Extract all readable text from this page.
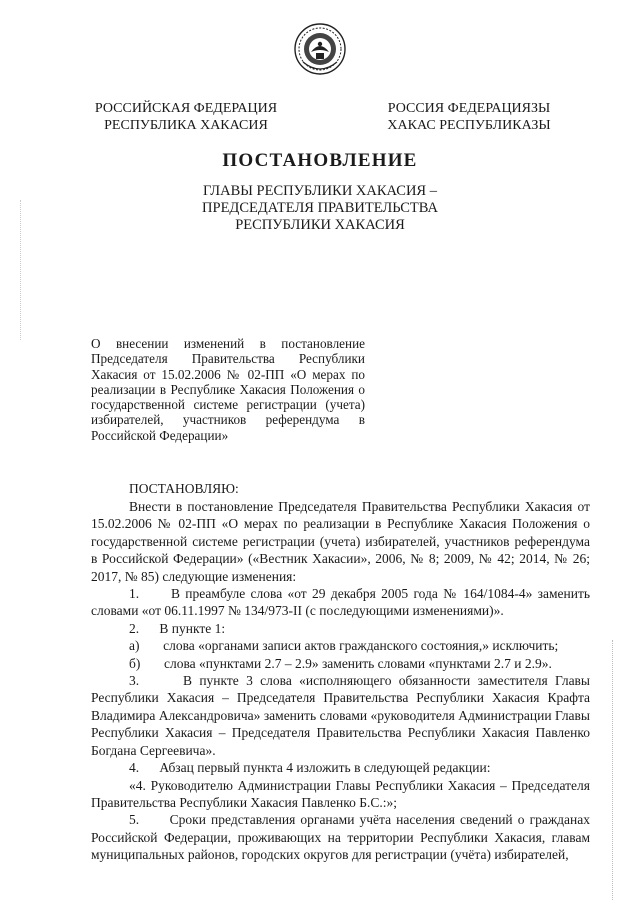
РОССИЙСКАЯ ФЕДЕРАЦИЯ
РЕСПУБЛИКА ХАКАСИЯ
РОССИЯ ФЕДЕРАЦИЯЗЫ
ХАКАС РЕСПУБЛИКАЗЫ
ПОСТАНОВЛЕНИЕ
ГЛАВЫ РЕСПУБЛИКИ ХАКАСИЯ –
ПРЕДСЕДАТЕЛЯ ПРАВИТЕЛЬСТВА
РЕСПУБЛИКИ ХАКАСИЯ
О внесении изменений в постановление Председателя Правительства Республики Хакасия от 15.02.2006 № 02-ПП «О мерах по реализации в Республике Хакасия Положения о государственной системе регистрации (учета) избирателей, участников референдума в Российской Федерации»
ПОСТАНОВЛЯЮ:

Внести в постановление Председателя Правительства Республики Хакасия от 15.02.2006 № 02-ПП «О мерах по реализации в Республике Хакасия Положения о государственной системе регистрации (учета) избирателей, участников референдума в Российской Федерации» («Вестник Хакасии», 2006, № 8; 2009, № 42; 2014, № 26; 2017, № 85) следующие изменения:

1. В преамбуле слова «от 29 декабря 2005 года № 164/1084-4» заменить словами «от 06.11.1997 № 134/973-II (с последующими изменениями)».

2. В пункте 1:

а) слова «органами записи актов гражданского состояния,» исключить;

б) слова «пунктами 2.7 – 2.9» заменить словами «пунктами 2.7 и 2.9».

3.	В пункте 3 слова «исполняющего обязанности заместителя Главы Республики Хакасия – Председателя Правительства Республики Хакасия Крафта Владимира Александровича» заменить словами «руководителя Администрации Главы Республики Хакасия – Председателя Правительства Республики Хакасия Павленко Богдана Сергеевича».

4. Абзац первый пункта 4 изложить в следующей редакции:

«4. Руководителю Администрации Главы Республики Хакасия – Председателя Правительства Республики Хакасия Павленко Б.С.:»;

5. Сроки представления органами учёта населения сведений о гражданах Российской Федерации, проживающих на территории Республики Хакасия, главам муниципальных районов, городских округов для регистрации (учёта) избирателей,
